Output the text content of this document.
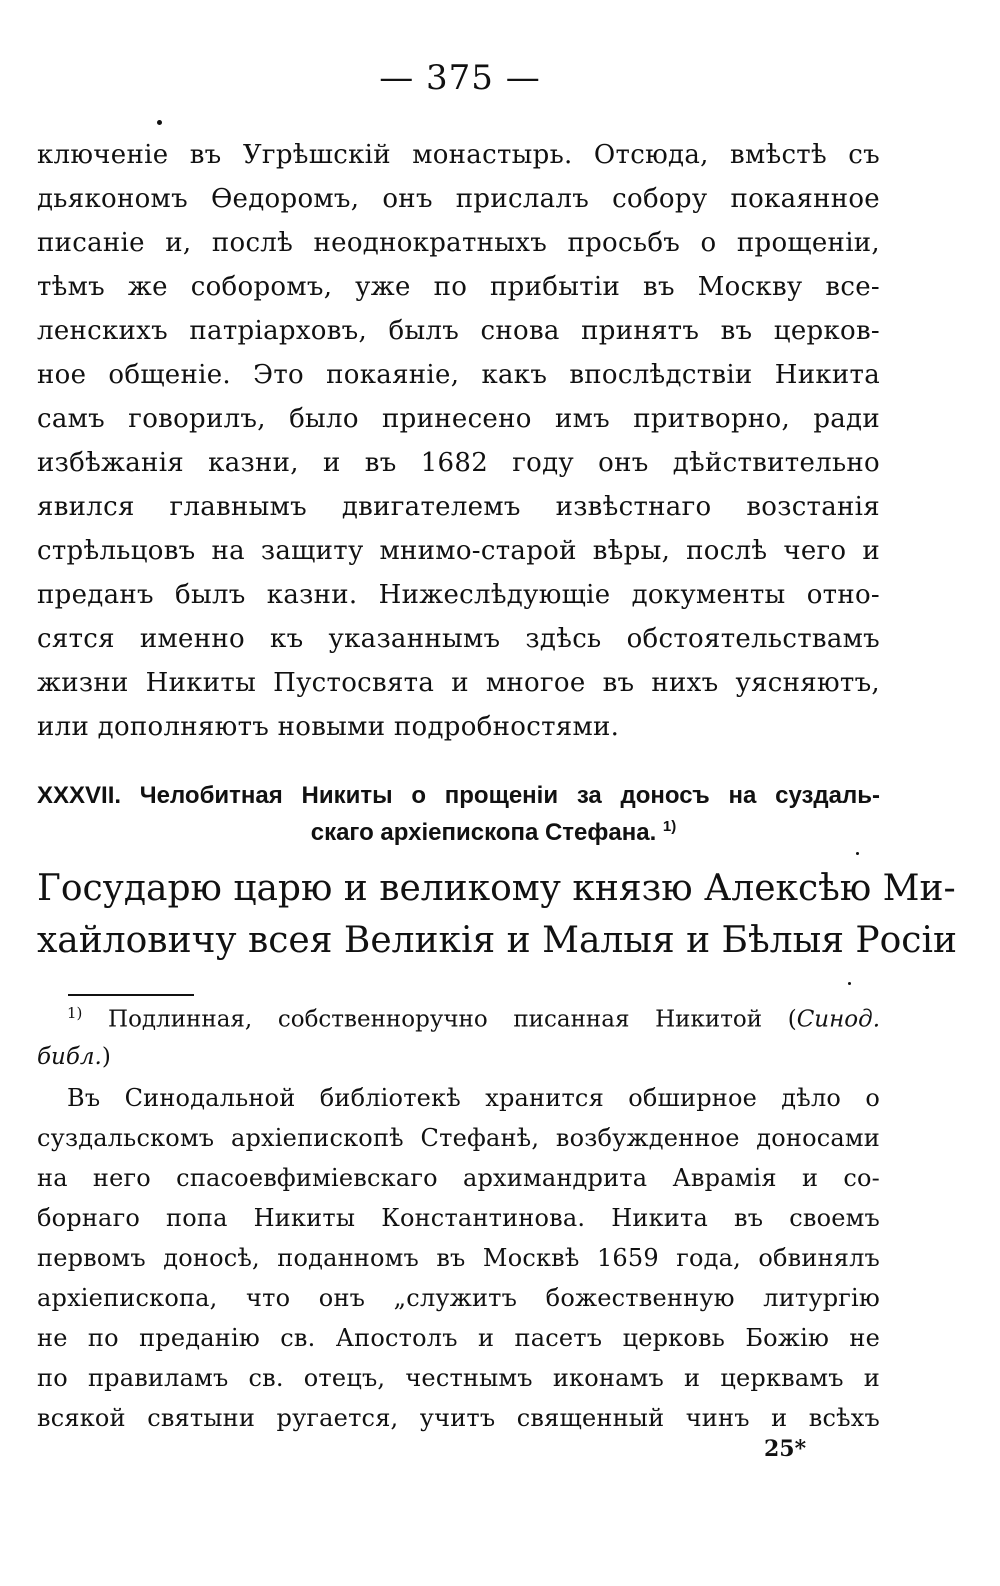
— 375 —
ключеніе въ Угрѣшскій монастырь. Отсюда, вмѣстѣ съ
дьякономъ Ѳедоромъ, онъ прислалъ собору покаянное
писаніе и, послѣ неоднократныхъ просьбъ о прощеніи,
тѣмъ же соборомъ, уже по прибытіи въ Москву все-
ленскихъ патріарховъ, былъ снова принятъ въ церков-
ное общеніе. Это покаяніе, какъ впослѣдствіи Никита
самъ говорилъ, было принесено имъ притворно, ради
избѣжанія казни, и въ 1682 году онъ дѣйствительно
явился главнымъ двигателемъ извѣстнаго возстанія
стрѣльцовъ на защиту мнимо-старой вѣры, послѣ чего и
преданъ былъ казни. Нижеслѣдующіе документы отно-
сятся именно къ указаннымъ здѣсь обстоятельствамъ
жизни Никиты Пустосвята и многое въ нихъ уясняютъ,
или дополняютъ новыми подробностями.
XXXVII. Челобитная Никиты о прощеніи за доносъ на суздаль-
скаго архіепископа Стефана. $^{1)}$
Государю царю и великому князю Алексѣю Ми-
хайловичу всея Великія и Малыя и Бѣлыя Росіи
$^{1)}$ Подлинная, собственноручно писанная Никитой (Синод.
библ.)
Въ Синодальной библіотекѣ хранится обширное дѣло о
суздальскомъ архіепископѣ Стефанѣ, возбужденное доносами
на него спасоевфиміевскаго архимандрита Аврамія и со-
борнаго попа Никиты Константинова. Никита въ своемъ
первомъ доносѣ, поданномъ въ Москвѣ 1659 года, обвинялъ
архіепископа, что онъ „служитъ божественную литургію
не по преданію св. Апостолъ и пасетъ церковь Божію не
по правиламъ св. отецъ, честнымъ иконамъ и церквамъ и
всякой святыни ругается, учитъ священный чинъ и всѣхъ
25*
